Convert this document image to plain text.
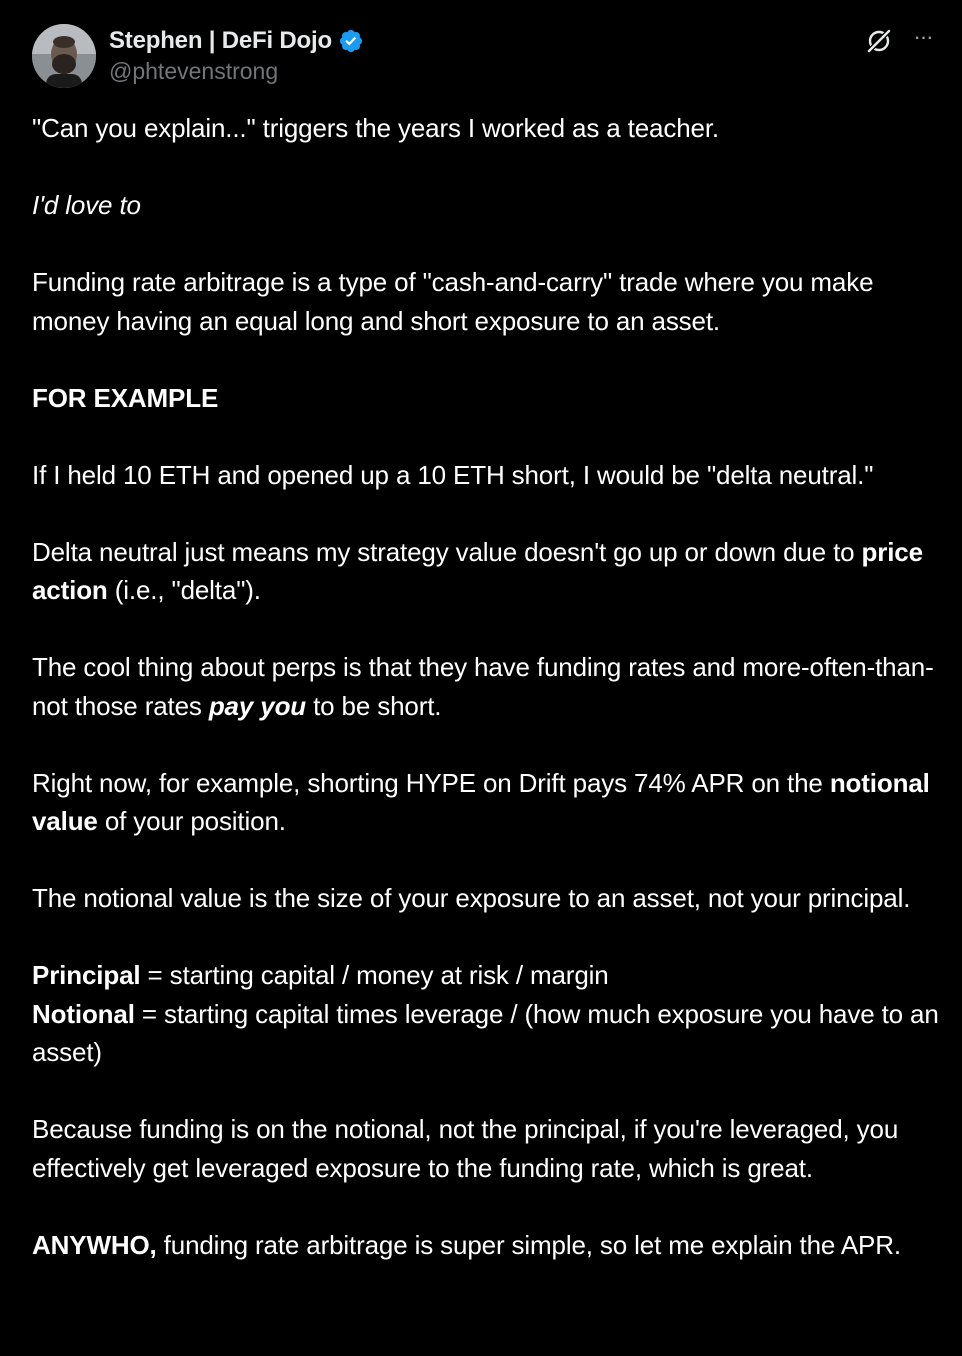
Stephen | DeFi Dojo
@phtevenstrong
···

"Can you explain..." triggers the years I worked as a teacher.

I'd love to

Funding rate arbitrage is a type of "cash-and-carry" trade where you make money having an equal long and short exposure to an asset.

FOR EXAMPLE

If I held 10 ETH and opened up a 10 ETH short, I would be "delta neutral."

Delta neutral just means my strategy value doesn't go up or down due to price action (i.e., "delta").

The cool thing about perps is that they have funding rates and more-often-than-not those rates pay you to be short.

Right now, for example, shorting HYPE on Drift pays 74% APR on the notional value of your position.

The notional value is the size of your exposure to an asset, not your principal.

Principal = starting capital / money at risk / margin

Notional = starting capital times leverage / (how much exposure you have to an asset)

Because funding is on the notional, not the principal, if you're leveraged, you effectively get leveraged exposure to the funding rate, which is great.

ANYWHO, funding rate arbitrage is super simple, so let me explain the APR.
